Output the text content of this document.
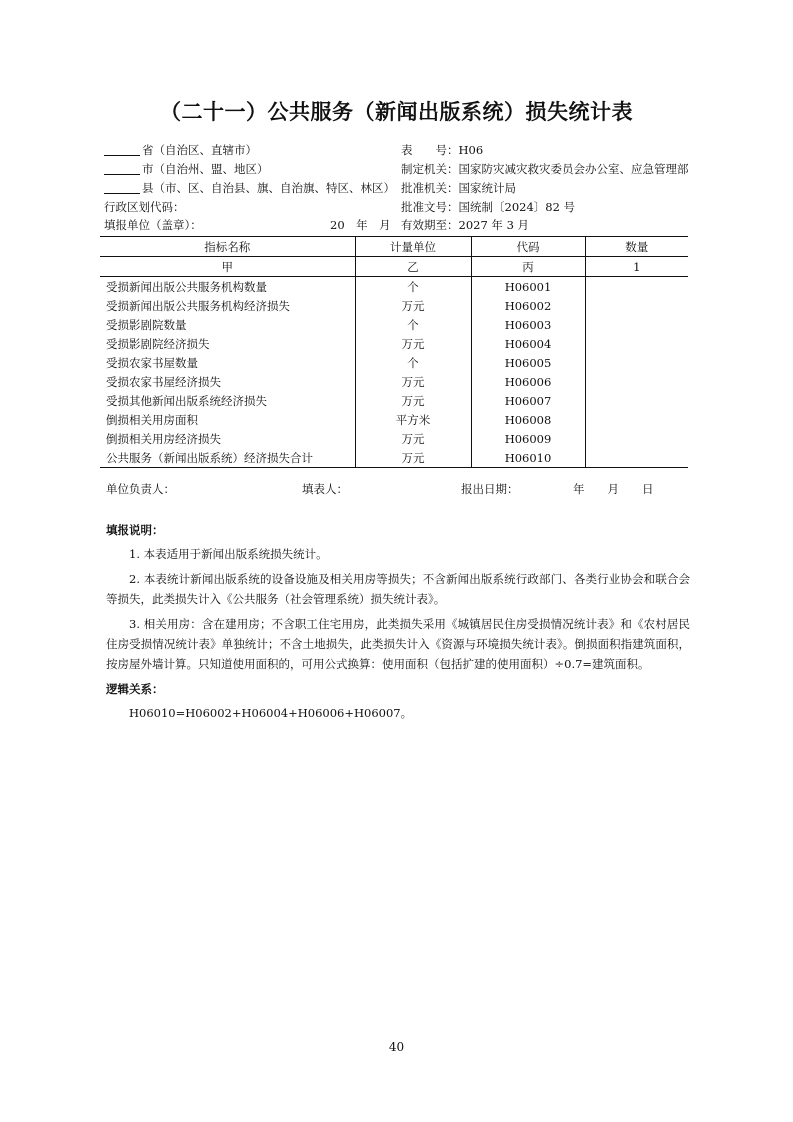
（二十一）公共服务（新闻出版系统）损失统计表
省（自治区、直辖市）
市（自治州、盟、地区）
县（市、区、自治县、旗、自治旗、特区、林区）
行政区划代码：
表　　号：H06
制定机关：国家防灾减灾救灾委员会办公室、应急管理部
批准机关：国家统计局
批准文号：国统制〔2024〕82 号
填报单位（盖章）：	20　年　月 有效期至：2027 年 3 月
指标名称	计量单位	代码	数量
甲	乙	丙	1
受损新闻出版公共服务机构数量	个	H06001	
受损新闻出版公共服务机构经济损失	万元	H06002	
受损影剧院数量	个	H06003	
受损影剧院经济损失	万元	H06004	
受损农家书屋数量	个	H06005	
受损农家书屋经济损失	万元	H06006	
受损其他新闻出版系统经济损失	万元	H06007	
倒损相关用房面积	平方米	H06008	
倒损相关用房经济损失	万元	H06009	
公共服务（新闻出版系统）经济损失合计	万元	H06010	
单位负责人：	填表人：	报出日期：	年　　月　　日

填报说明：

1. 本表适用于新闻出版系统损失统计。

2. 本表统计新闻出版系统的设备设施及相关用房等损失；不含新闻出版系统行政部门、各类行业协会和联合会等损失，此类损失计入《公共服务（社会管理系统）损失统计表》。

3. 相关用房：含在建用房；不含职工住宅用房，此类损失采用《城镇居民住房受损情况统计表》和《农村居民住房受损情况统计表》单独统计；不含土地损失，此类损失计入《资源与环境损失统计表》。倒损面积指建筑面积，按房屋外墙计算。只知道使用面积的，可用公式换算：使用面积（包括扩建的使用面积）÷0.7=建筑面积。

逻辑关系：

H06010=H06002+H06004+H06006+H06007。

40
